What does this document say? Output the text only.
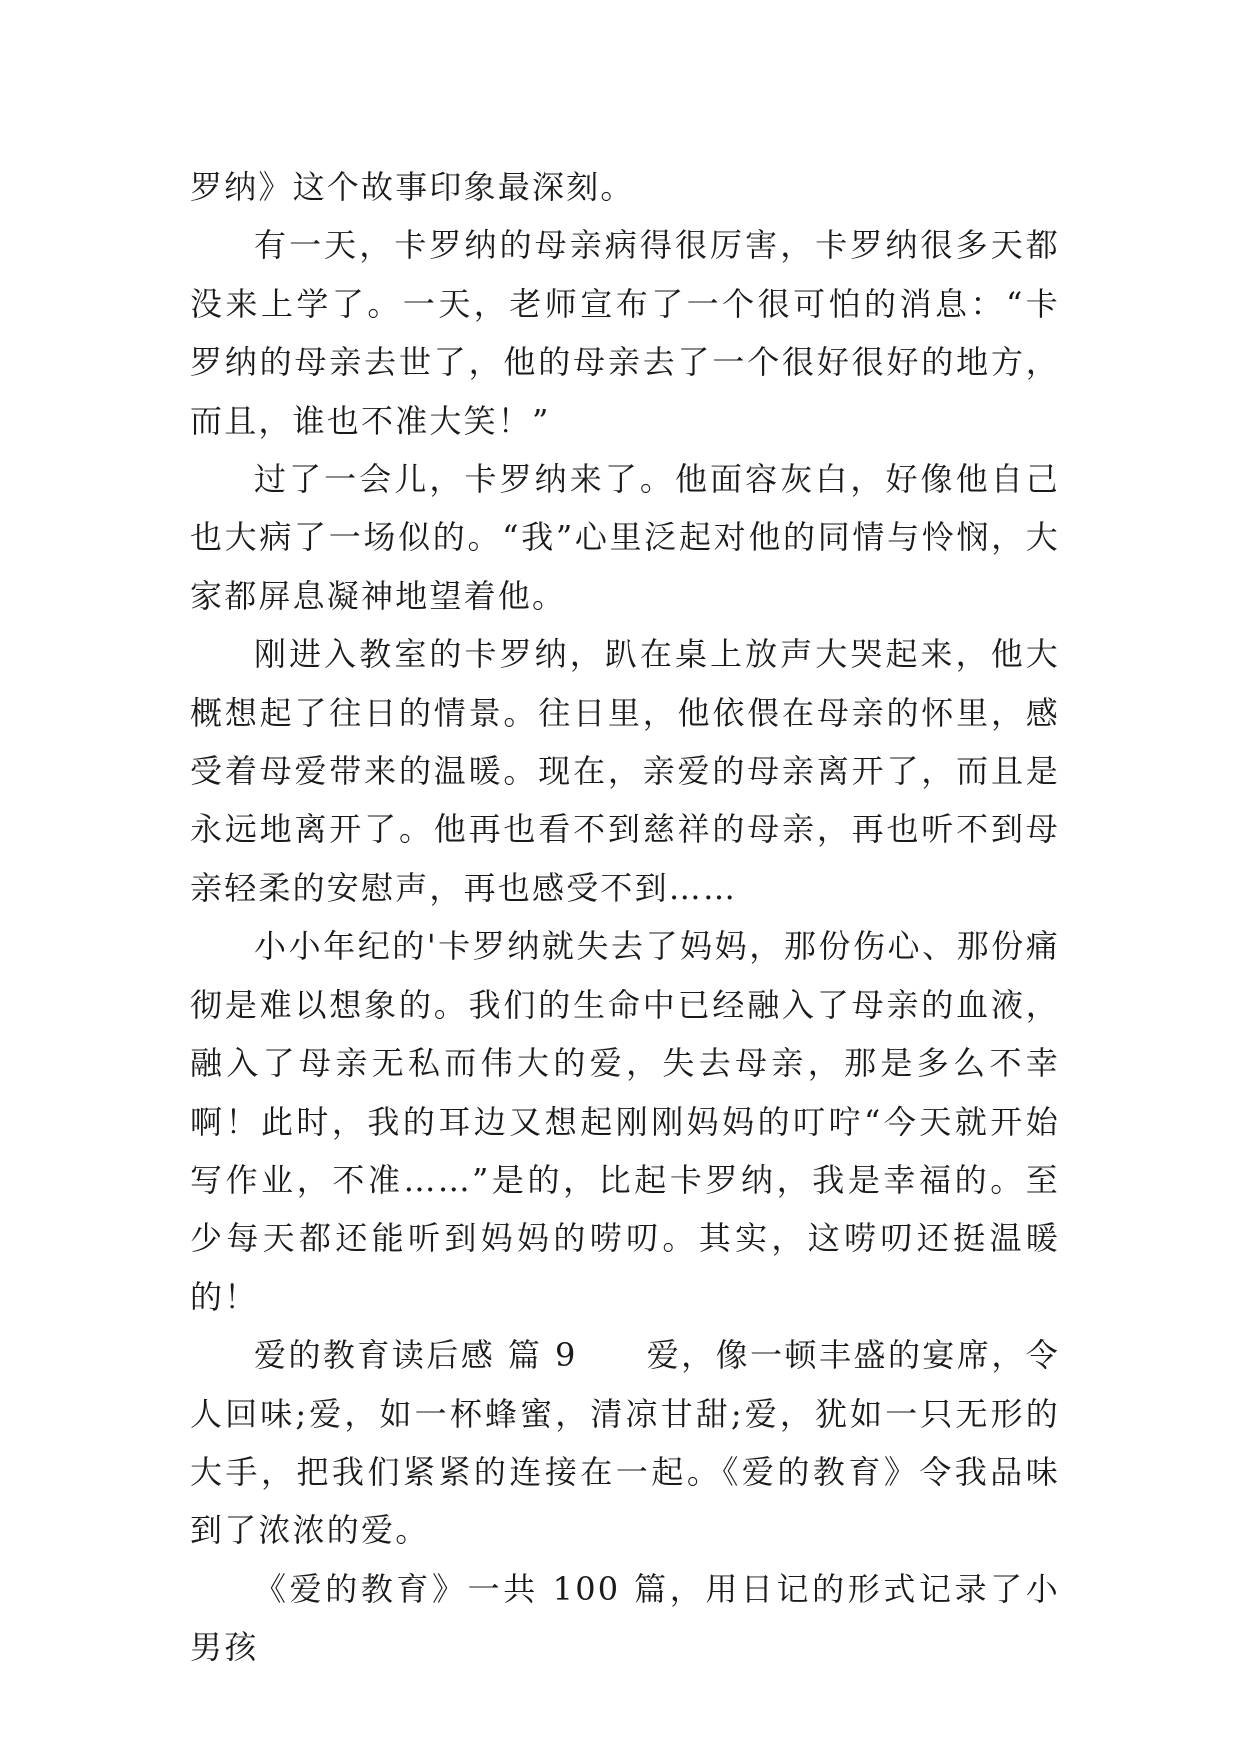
罗纳》这个故事印象最深刻。

有一天，卡罗纳的母亲病得很厉害，卡罗纳很多天都没来上学了。一天，老师宣布了一个很可怕的消息：“卡罗纳的母亲去世了，他的母亲去了一个很好很好的地方，而且，谁也不准大笑！”

过了一会儿，卡罗纳来了。他面容灰白，好像他自己也大病了一场似的。“我”心里泛起对他的同情与怜悯，大家都屏息凝神地望着他。

刚进入教室的卡罗纳，趴在桌上放声大哭起来，他大概想起了往日的情景。往日里，他依偎在母亲的怀里，感受着母爱带来的温暖。现在，亲爱的母亲离开了，而且是永远地离开了。他再也看不到慈祥的母亲，再也听不到母亲轻柔的安慰声，再也感受不到……

小小年纪的'卡罗纳就失去了妈妈，那份伤心、那份痛彻是难以想象的。我们的生命中已经融入了母亲的血液，融入了母亲无私而伟大的爱，失去母亲，那是多么不幸啊！此时，我的耳边又想起刚刚妈妈的叮咛“今天就开始写作业，不准……”是的，比起卡罗纳，我是幸福的。至少每天都还能听到妈妈的唠叨。其实，这唠叨还挺温暖的！

爱的教育读后感 篇 9　　爱，像一顿丰盛的宴席，令人回味;爱，如一杯蜂蜜，清凉甘甜;爱，犹如一只无形的大手，把我们紧紧的连接在一起。《爱的教育》令我品味到了浓浓的爱。

《爱的教育》一共 100 篇，用日记的形式记录了小男孩
